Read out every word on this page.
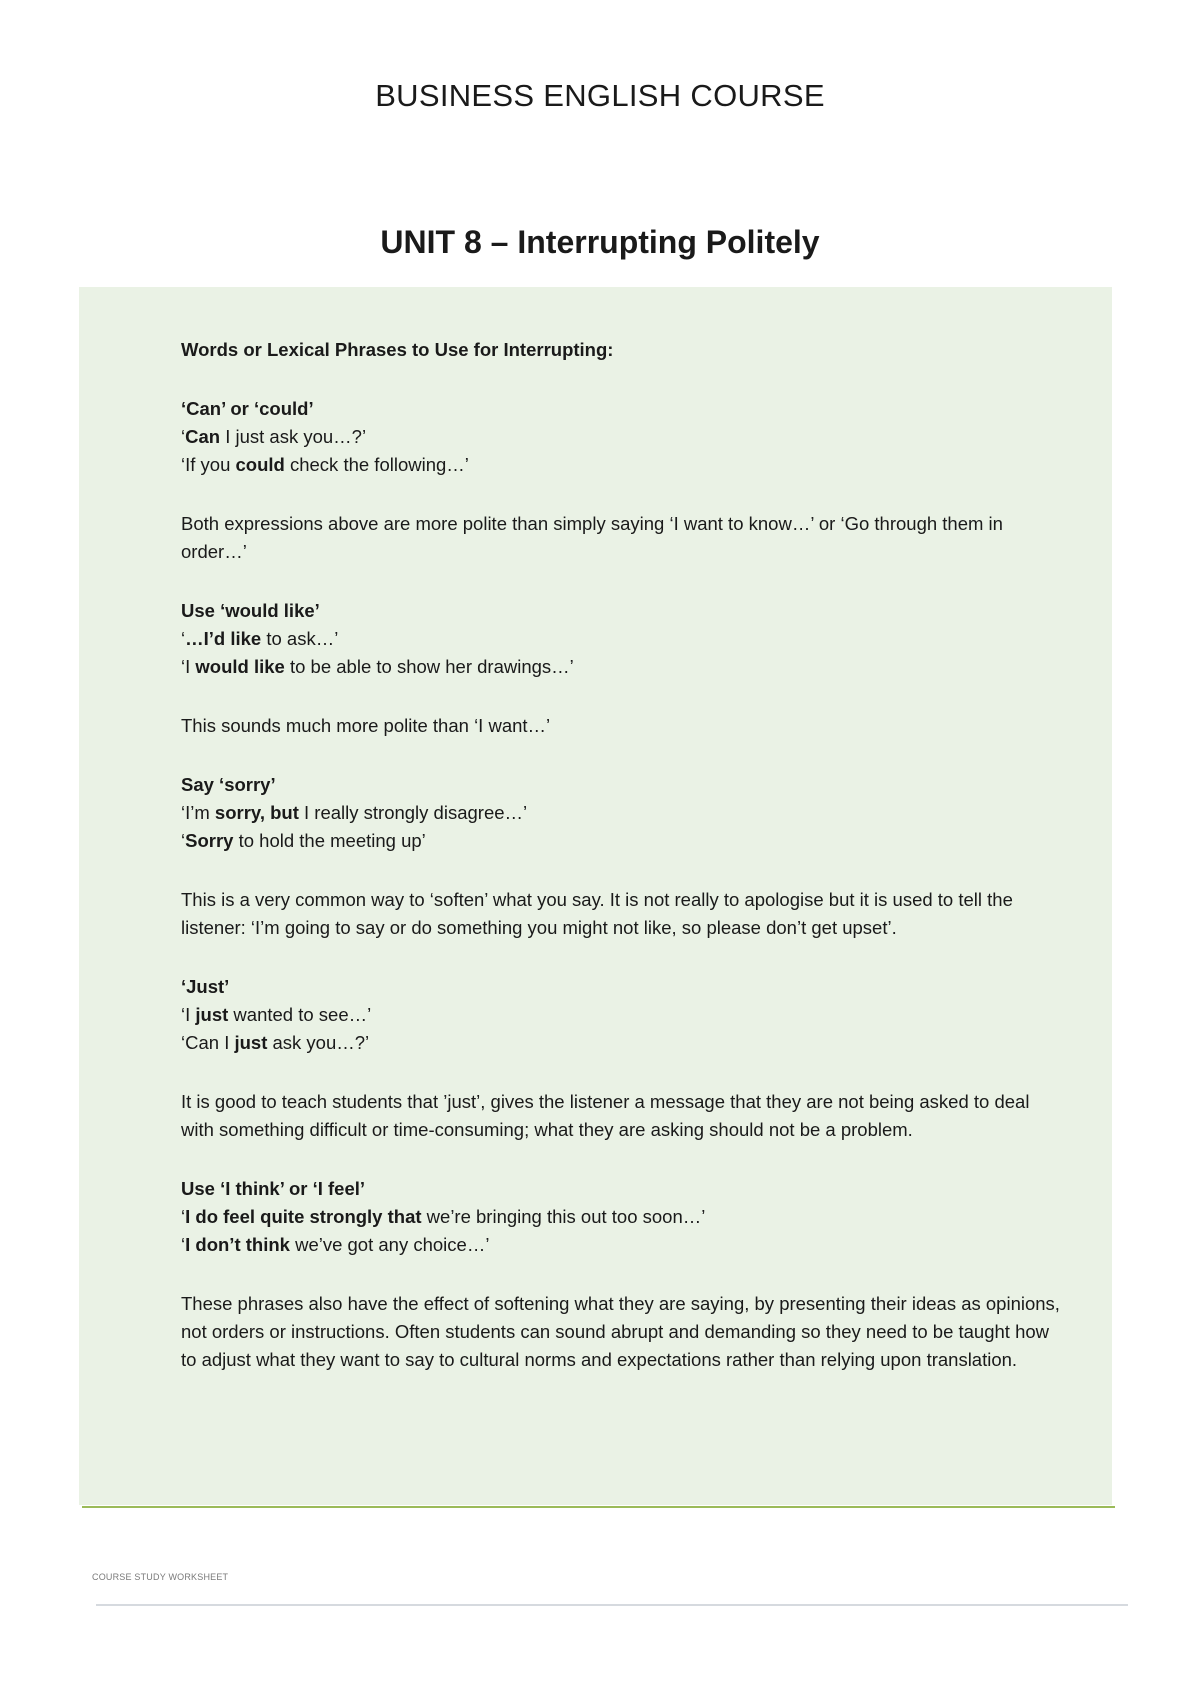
BUSINESS ENGLISH COURSE
UNIT 8 – Interrupting Politely

Words or Lexical Phrases to Use for Interrupting:

‘Can’ or ‘could’
‘Can I just ask you…?’
‘If you could check the following…’

Both expressions above are more polite than simply saying ‘I want to know…’ or ‘Go through them in order…’

Use ‘would like’
‘…I’d like to ask…’
‘I would like to be able to show her drawings…’

This sounds much more polite than ‘I want…’

Say ‘sorry’
‘I’m sorry, but I really strongly disagree…’
‘Sorry to hold the meeting up’

This is a very common way to ‘soften’ what you say. It is not really to apologise but it is used to tell the listener: ‘I’m going to say or do something you might not like, so please don’t get upset’.

‘Just’
‘I just wanted to see…’
‘Can I just ask you…?’

It is good to teach students that ’just’, gives the listener a message that they are not being asked to deal with something difficult or time-consuming; what they are asking should not be a problem.

Use ‘I think’ or ‘I feel’
‘I do feel quite strongly that we’re bringing this out too soon…’
‘I don’t think we’ve got any choice…’

These phrases also have the effect of softening what they are saying, by presenting their ideas as opinions, not orders or instructions. Often students can sound abrupt and demanding so they need to be taught how to adjust what they want to say to cultural norms and expectations rather than relying upon translation.

COURSE STUDY WORKSHEET
